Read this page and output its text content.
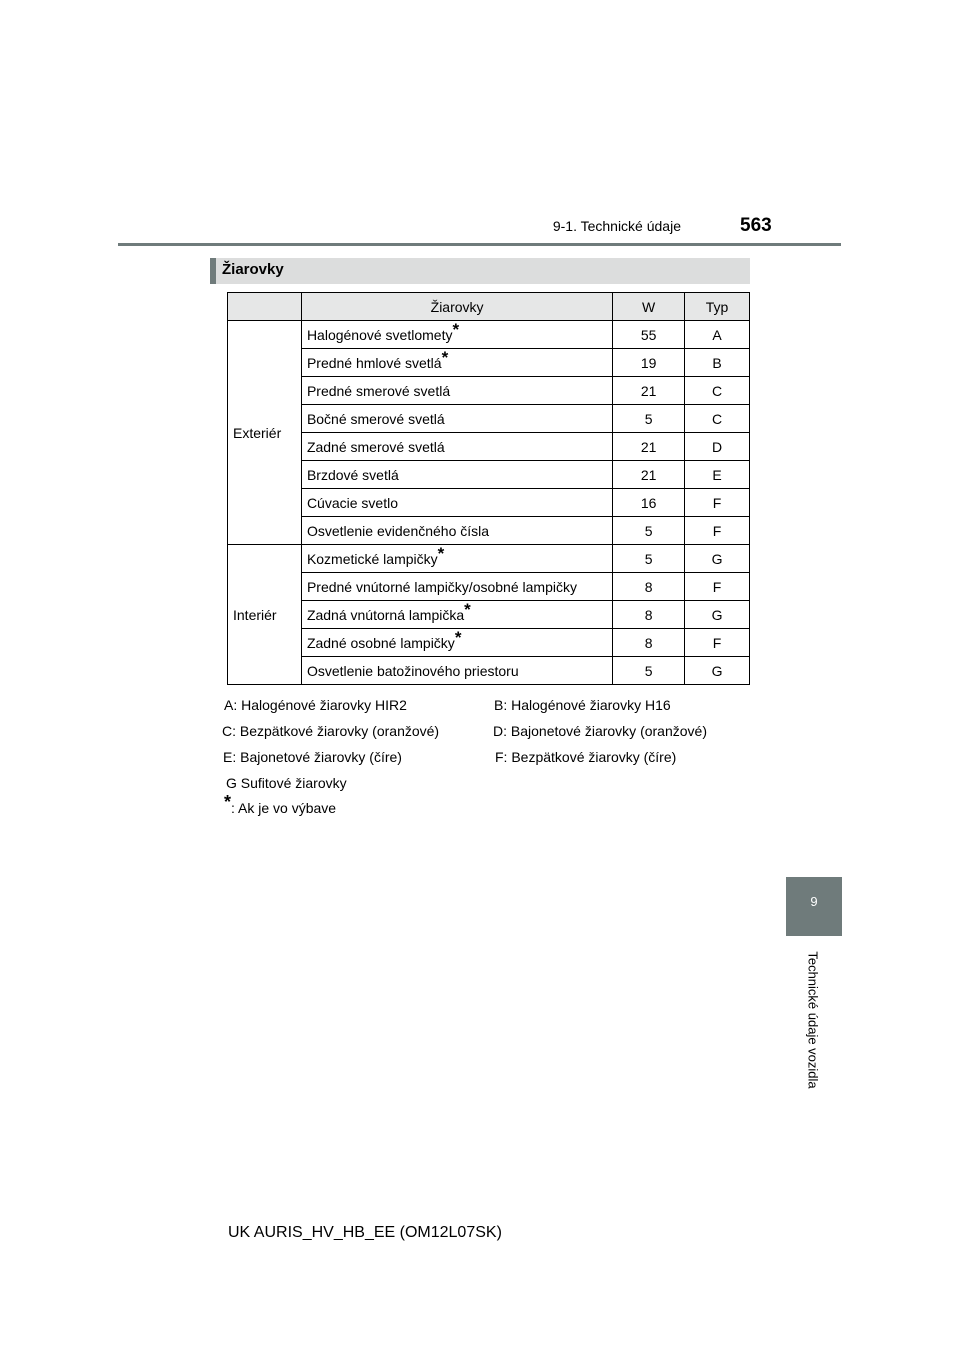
9-1. Technické údaje	563
Žiarovky
	Žiarovky	W	Typ
Exteriér	Halogénové svetlomety*	55	A
	Predné hmlové svetlá*	19	B
	Predné smerové svetlá	21	C
	Bočné smerové svetlá	5	C
	Zadné smerové svetlá	21	D
	Brzdové svetlá	21	E
	Cúvacie svetlo	16	F
	Osvetlenie evidenčného čísla	5	F
Interiér	Kozmetické lampičky*	5	G
	Predné vnútorné lampičky/osobné lampičky	8	F
	Zadná vnútorná lampička*	8	G
	Zadné osobné lampičky*	8	F
	Osvetlenie batožinového priestoru	5	G
A: Halogénové žiarovky HIR2	B: Halogénové žiarovky H16
C: Bezpätkové žiarovky (oranžové)	D: Bajonetové žiarovky (oranžové)
E: Bajonetové žiarovky (číre)	F: Bezpätkové žiarovky (číre)
G Sufitové žiarovky
*: Ak je vo výbave
9
Technické údaje vozidla
UK AURIS_HV_HB_EE (OM12L07SK)
